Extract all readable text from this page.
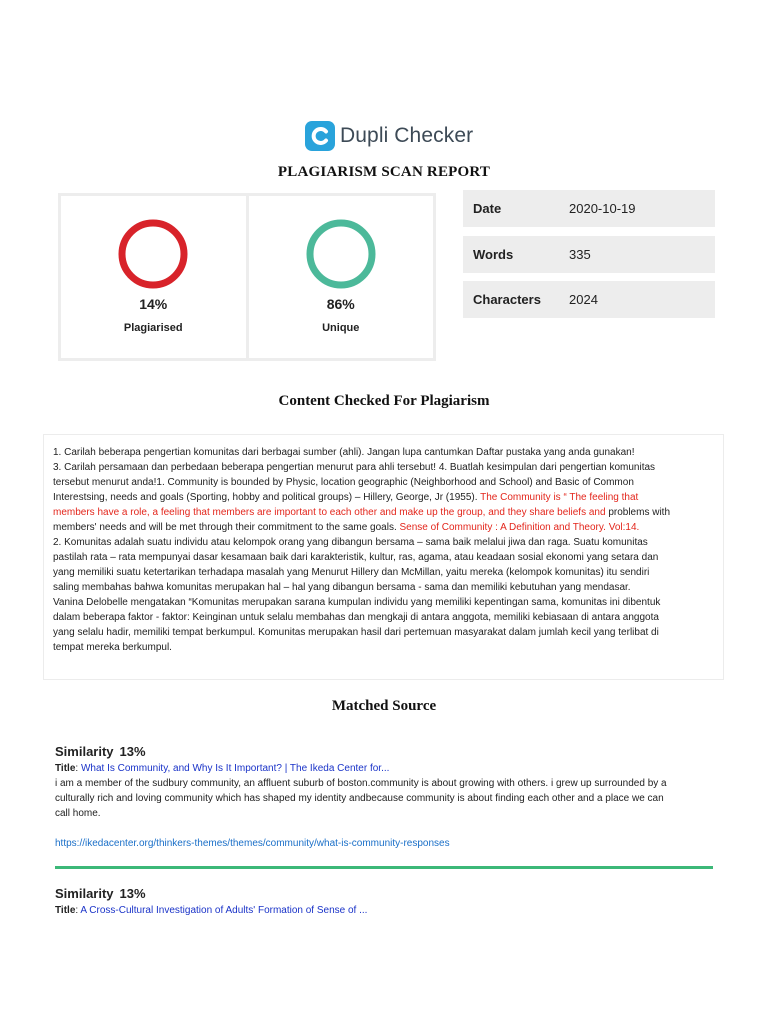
Dupli Checker
PLAGIARISM SCAN REPORT
14%
Plagiarised
86%
Unique
Date	2020-10-19
Words	335
Characters	2024
Content Checked For Plagiarism

1. Carilah beberapa pengertian komunitas dari berbagai sumber (ahli). Jangan lupa cantumkan Daftar pustaka yang anda gunakan!

3. Carilah persamaan dan perbedaan beberapa pengertian menurut para ahli tersebut! 4. Buatlah kesimpulan dari pengertian komunitas

tersebut menurut anda!1. Community is bounded by Physic, location geographic (Neighborhood and School) and Basic of Common

Interestsing, needs and goals (Sporting, hobby and political groups) – Hillery, George, Jr (1955). The Community is “ The feeling that

members have a role, a feeling that members are important to each other and make up the group, and they share beliefs and problems with

members' needs and will be met through their commitment to the same goals. Sense of Community : A Definition and Theory. Vol:14.

2. Komunitas adalah suatu individu atau kelompok orang yang dibangun bersama – sama baik melalui jiwa dan raga. Suatu komunitas

pastilah rata – rata mempunyai dasar kesamaan baik dari karakteristik, kultur, ras, agama, atau keadaan sosial ekonomi yang setara dan

yang memiliki suatu ketertarikan terhadapa masalah yang Menurut Hillery dan McMillan, yaitu mereka (kelompok komunitas) itu sendiri

saling membahas bahwa komunitas merupakan hal – hal yang dibangun bersama - sama dan memiliki kebutuhan yang mendasar.

Vanina Delobelle mengatakan “Komunitas merupakan sarana kumpulan individu yang memiliki kepentingan sama, komunitas ini dibentuk

dalam beberapa faktor - faktor: Keinginan untuk selalu membahas dan mengkaji di antara anggota, memiliki kebiasaan di antara anggota

yang selalu hadir, memiliki tempat berkumpul. Komunitas merupakan hasil dari pertemuan masyarakat dalam jumlah kecil yang terlibat di

tempat mereka berkumpul.

Matched Source
Similarity 13%
Title: What Is Community, and Why Is It Important? | The Ikeda Center for...
i am a member of the sudbury community, an affluent suburb of boston.community is about growing with others. i grew up surrounded by a
culturally rich and loving community which has shaped my identity andbecause community is about finding each other and a place we can
call home.
https://ikedacenter.org/thinkers-themes/themes/community/what-is-community-responses
Similarity 13%
Title: A Cross-Cultural Investigation of Adults' Formation of Sense of ...
